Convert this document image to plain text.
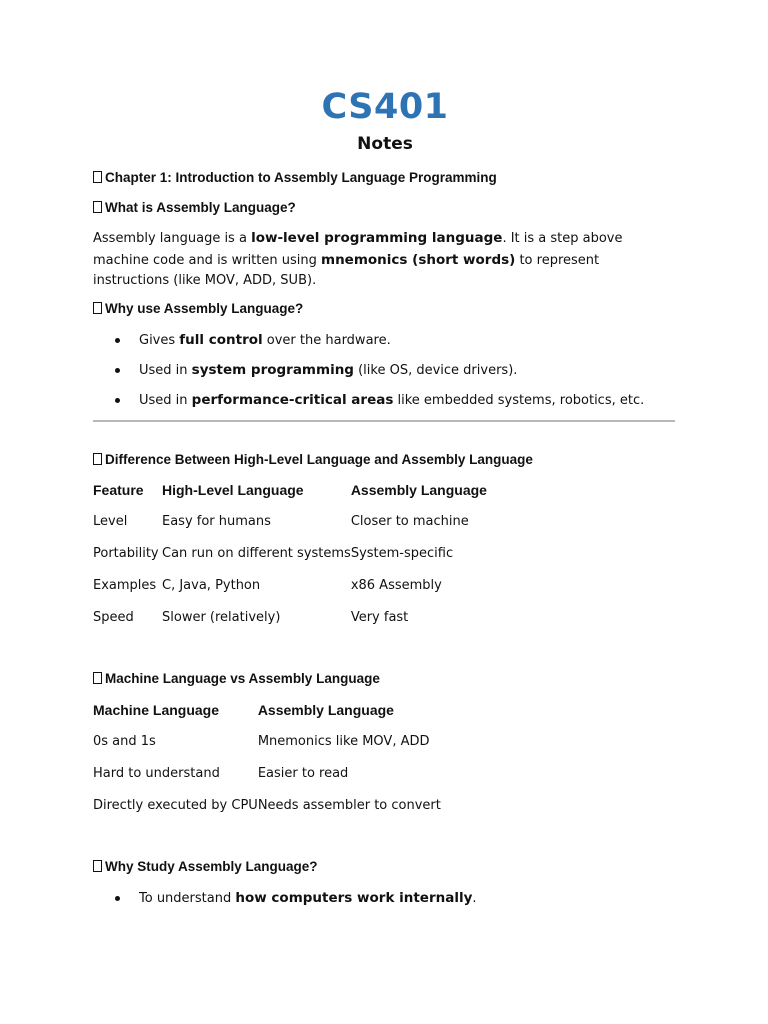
CS401
Notes
Chapter 1: Introduction to Assembly Language Programming
What is Assembly Language?
Assembly language is a low-level programming language. It is a step above machine code and is written using mnemonics (short words) to represent instructions (like MOV, ADD, SUB).
Why use Assembly Language?
Gives full control over the hardware.
Used in system programming (like OS, device drivers).
Used in performance-critical areas like embedded systems, robotics, etc.
Difference Between High-Level Language and Assembly Language
Feature	High-Level Language	Assembly Language
Level	Easy for humans	Closer to machine
Portability	Can run on different systems	System-specific
Examples	C, Java, Python	x86 Assembly
Speed	Slower (relatively)	Very fast
Machine Language vs Assembly Language
Machine Language	Assembly Language
0s and 1s	Mnemonics like MOV, ADD
Hard to understand	Easier to read
Directly executed by CPU	Needs assembler to convert
Why Study Assembly Language?
To understand how computers work internally.
